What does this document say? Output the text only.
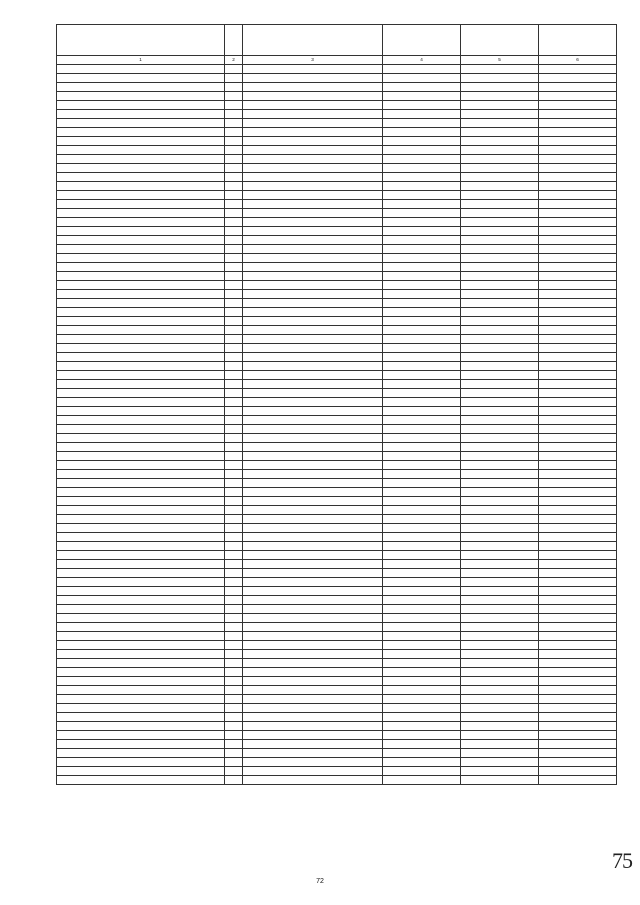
1	2	3	4	5	6

72
75
